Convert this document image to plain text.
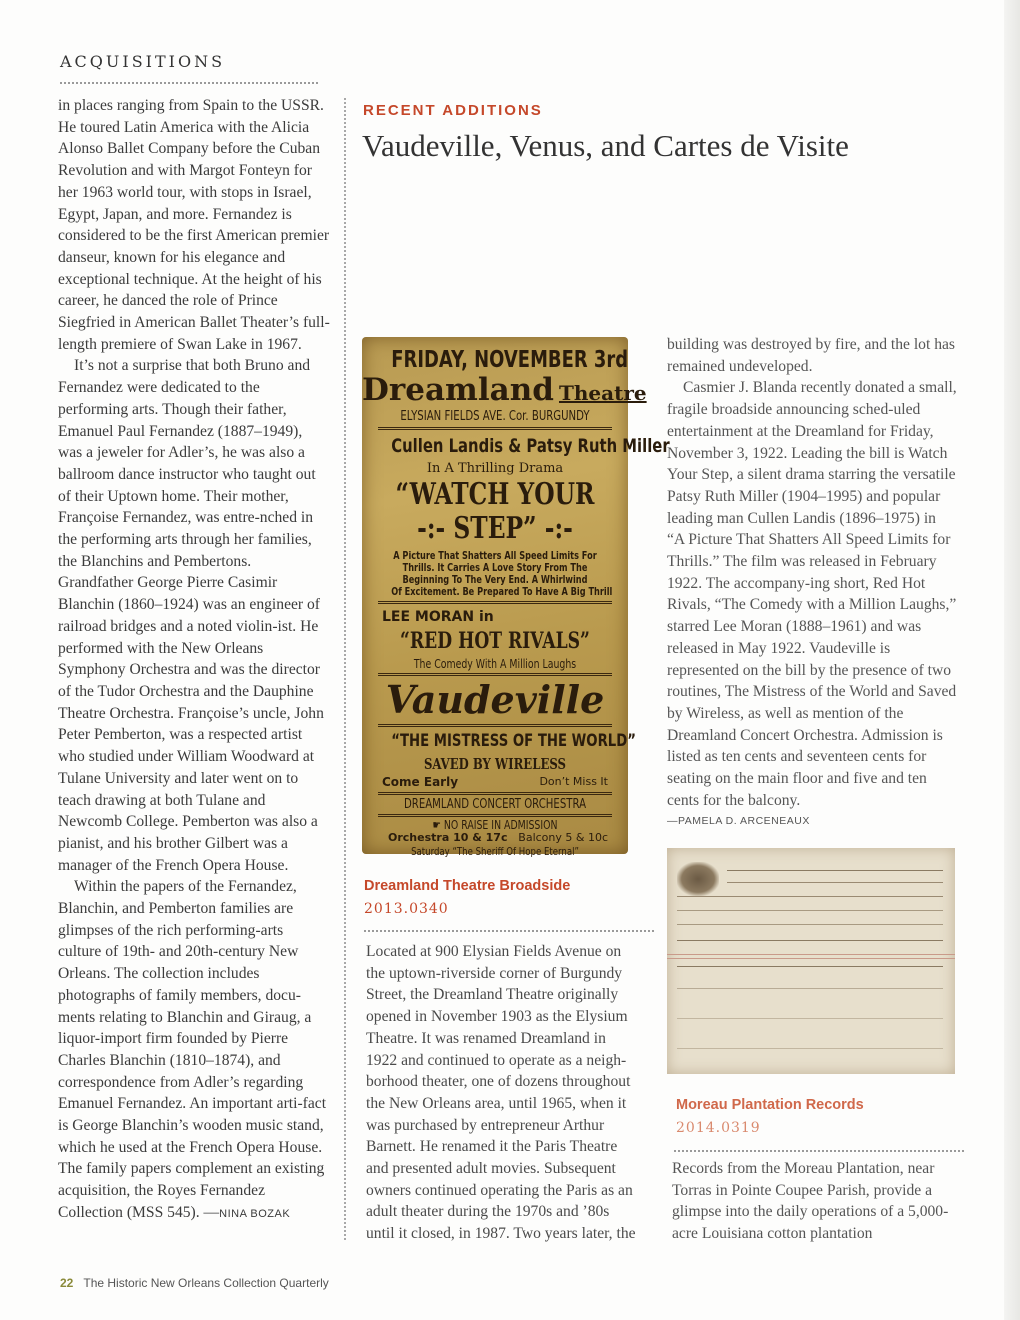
ACQUISITIONS

in places ranging from Spain to the USSR. He toured Latin America with the Alicia Alonso Ballet Company before the Cuban Revolution and with Margot Fonteyn for her 1963 world tour, with stops in Israel, Egypt, Japan, and more. Fernandez is considered to be the first American premier danseur, known for his elegance and exceptional technique. At the height of his career, he danced the role of Prince Siegfried in American Ballet Theater’s full-length premiere of Swan Lake in 1967.

It’s not a surprise that both Bruno and Fernandez were dedicated to the performing arts. Though their father, Emanuel Paul Fernandez (1887–1949), was a jeweler for Adler’s, he was also a ballroom dance instructor who taught out of their Uptown home. Their mother, Françoise Fernandez, was entre-nched in the performing arts through her families, the Blanchins and Pembertons. Grandfather George Pierre Casimir Blanchin (1860–1924) was an engineer of railroad bridges and a noted violin-ist. He performed with the New Orleans Symphony Orchestra and was the director of the Tudor Orchestra and the Dauphine Theatre Orchestra. Françoise’s uncle, John Peter Pemberton, was a respected artist who studied under William Woodward at Tulane University and later went on to teach drawing at both Tulane and Newcomb College. Pemberton was also a pianist, and his brother Gilbert was a manager of the French Opera House.

Within the papers of the Fernandez, Blanchin, and Pemberton families are glimpses of the rich performing-arts culture of 19th- and 20th-century New Orleans. The collection includes photographs of family members, docu-ments relating to Blanchin and Giraug, a liquor-import firm founded by Pierre Charles Blanchin (1810–1874), and correspondence from Adler’s regarding Emanuel Fernandez. An important arti-fact is George Blanchin’s wooden music stand, which he used at the French Opera House. The family papers complement an existing acquisition, the Royes Fernandez Collection (MSS 545). —NINA BOZAK

RECENT ADDITIONS
Vaudeville, Venus, and Cartes de Visite
FRIDAY, NOVEMBER 3rd
Dreamland Theatre
ELYSIAN FIELDS AVE. Cor. BURGUNDY
Cullen Landis & Patsy Ruth Miller
In A Thrilling Drama
“WATCH YOUR
-:- STEP” -:-
A Picture That Shatters All Speed Limits For
Thrills. It Carries A Love Story From The
Beginning To The Very End. A Whirlwind
Of Excitement. Be Prepared To Have A Big Thrill
LEE MORAN in
“RED HOT RIVALS”
The Comedy With A Million Laughs
Vaudeville
“THE MISTRESS OF THE WORLD”
SAVED BY WIRELESS
Come Early	Don’t Miss It
DREAMLAND CONCERT ORCHESTRA
☛ NO RAISE IN ADMISSION
Orchestra 10 & 17c Balcony 5 & 10c
Saturday “The Sheriff Of Hope Eternal”
Dreamland Theatre Broadside
2013.0340

Located at 900 Elysian Fields Avenue on the uptown-riverside corner of Burgundy Street, the Dreamland Theatre originally opened in November 1903 as the Elysium Theatre. It was renamed Dreamland in 1922 and continued to operate as a neigh-borhood theater, one of dozens throughout the New Orleans area, until 1965, when it was purchased by entrepreneur Arthur Barnett. He renamed it the Paris Theatre and presented adult movies. Subsequent owners continued operating the Paris as an adult theater during the 1970s and ’80s until it closed, in 1987. Two years later, the

building was destroyed by fire, and the lot has remained undeveloped.

Casmier J. Blanda recently donated a small, fragile broadside announcing sched-uled entertainment at the Dreamland for Friday, November 3, 1922. Leading the bill is Watch Your Step, a silent drama starring the versatile Patsy Ruth Miller (1904–1995) and popular leading man Cullen Landis (1896–1975) in “A Picture That Shatters All Speed Limits for Thrills.” The film was released in February 1922. The accompany-ing short, Red Hot Rivals, “The Comedy with a Million Laughs,” starred Lee Moran (1888–1961) and was released in May 1922. Vaudeville is represented on the bill by the presence of two routines, The Mistress of the World and Saved by Wireless, as well as mention of the Dreamland Concert Orchestra. Admission is listed as ten cents and seventeen cents for seating on the main floor and five and ten cents for the balcony.

—PAMELA D. ARCENEAUX

Moreau Plantation Records
2014.0319

Records from the Moreau Plantation, near Torras in Pointe Coupee Parish, provide a glimpse into the daily operations of a 5,000-acre Louisiana cotton plantation

22 The Historic New Orleans Collection Quarterly
